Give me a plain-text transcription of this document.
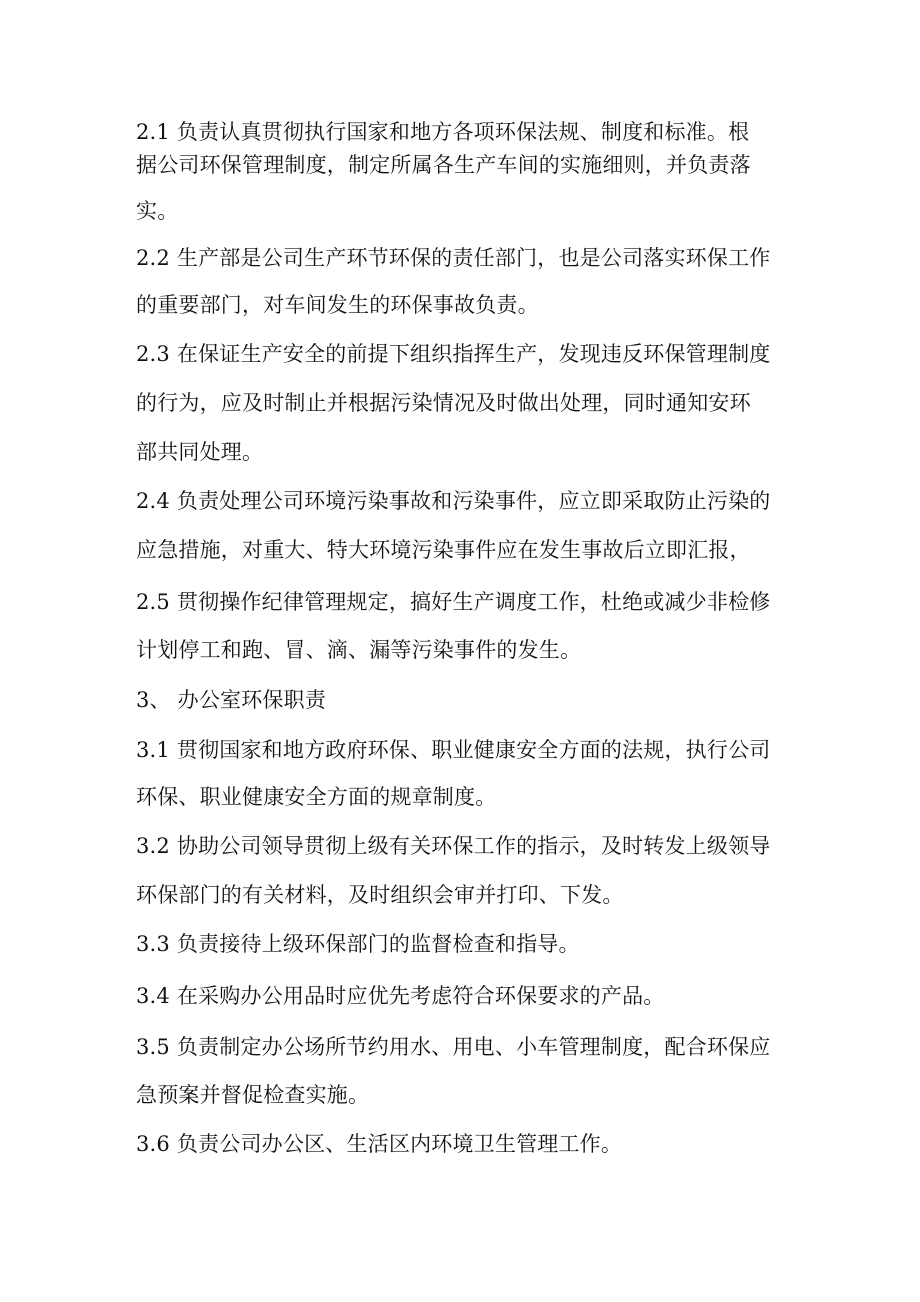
2.1 负责认真贯彻执行国家和地方各项环保法规、制度和标准。根
据公司环保管理制度，制定所属各生产车间的实施细则，并负责落
实。
2.2 生产部是公司生产环节环保的责任部门，也是公司落实环保工作
的重要部门，对车间发生的环保事故负责。
2.3 在保证生产安全的前提下组织指挥生产，发现违反环保管理制度
的行为，应及时制止并根据污染情况及时做出处理，同时通知安环
部共同处理。
2.4 负责处理公司环境污染事故和污染事件，应立即采取防止污染的
应急措施，对重大、特大环境污染事件应在发生事故后立即汇报，
2.5 贯彻操作纪律管理规定，搞好生产调度工作，杜绝或减少非检修
计划停工和跑、冒、滴、漏等污染事件的发生。
3、 办公室环保职责
3.1 贯彻国家和地方政府环保、职业健康安全方面的法规，执行公司
环保、职业健康安全方面的规章制度。
3.2 协助公司领导贯彻上级有关环保工作的指示，及时转发上级领导
环保部门的有关材料，及时组织会审并打印、下发。
3.3 负责接待上级环保部门的监督检查和指导。
3.4 在采购办公用品时应优先考虑符合环保要求的产品。
3.5 负责制定办公场所节约用水、用电、小车管理制度，配合环保应
急预案并督促检查实施。
3.6 负责公司办公区、生活区内环境卫生管理工作。
